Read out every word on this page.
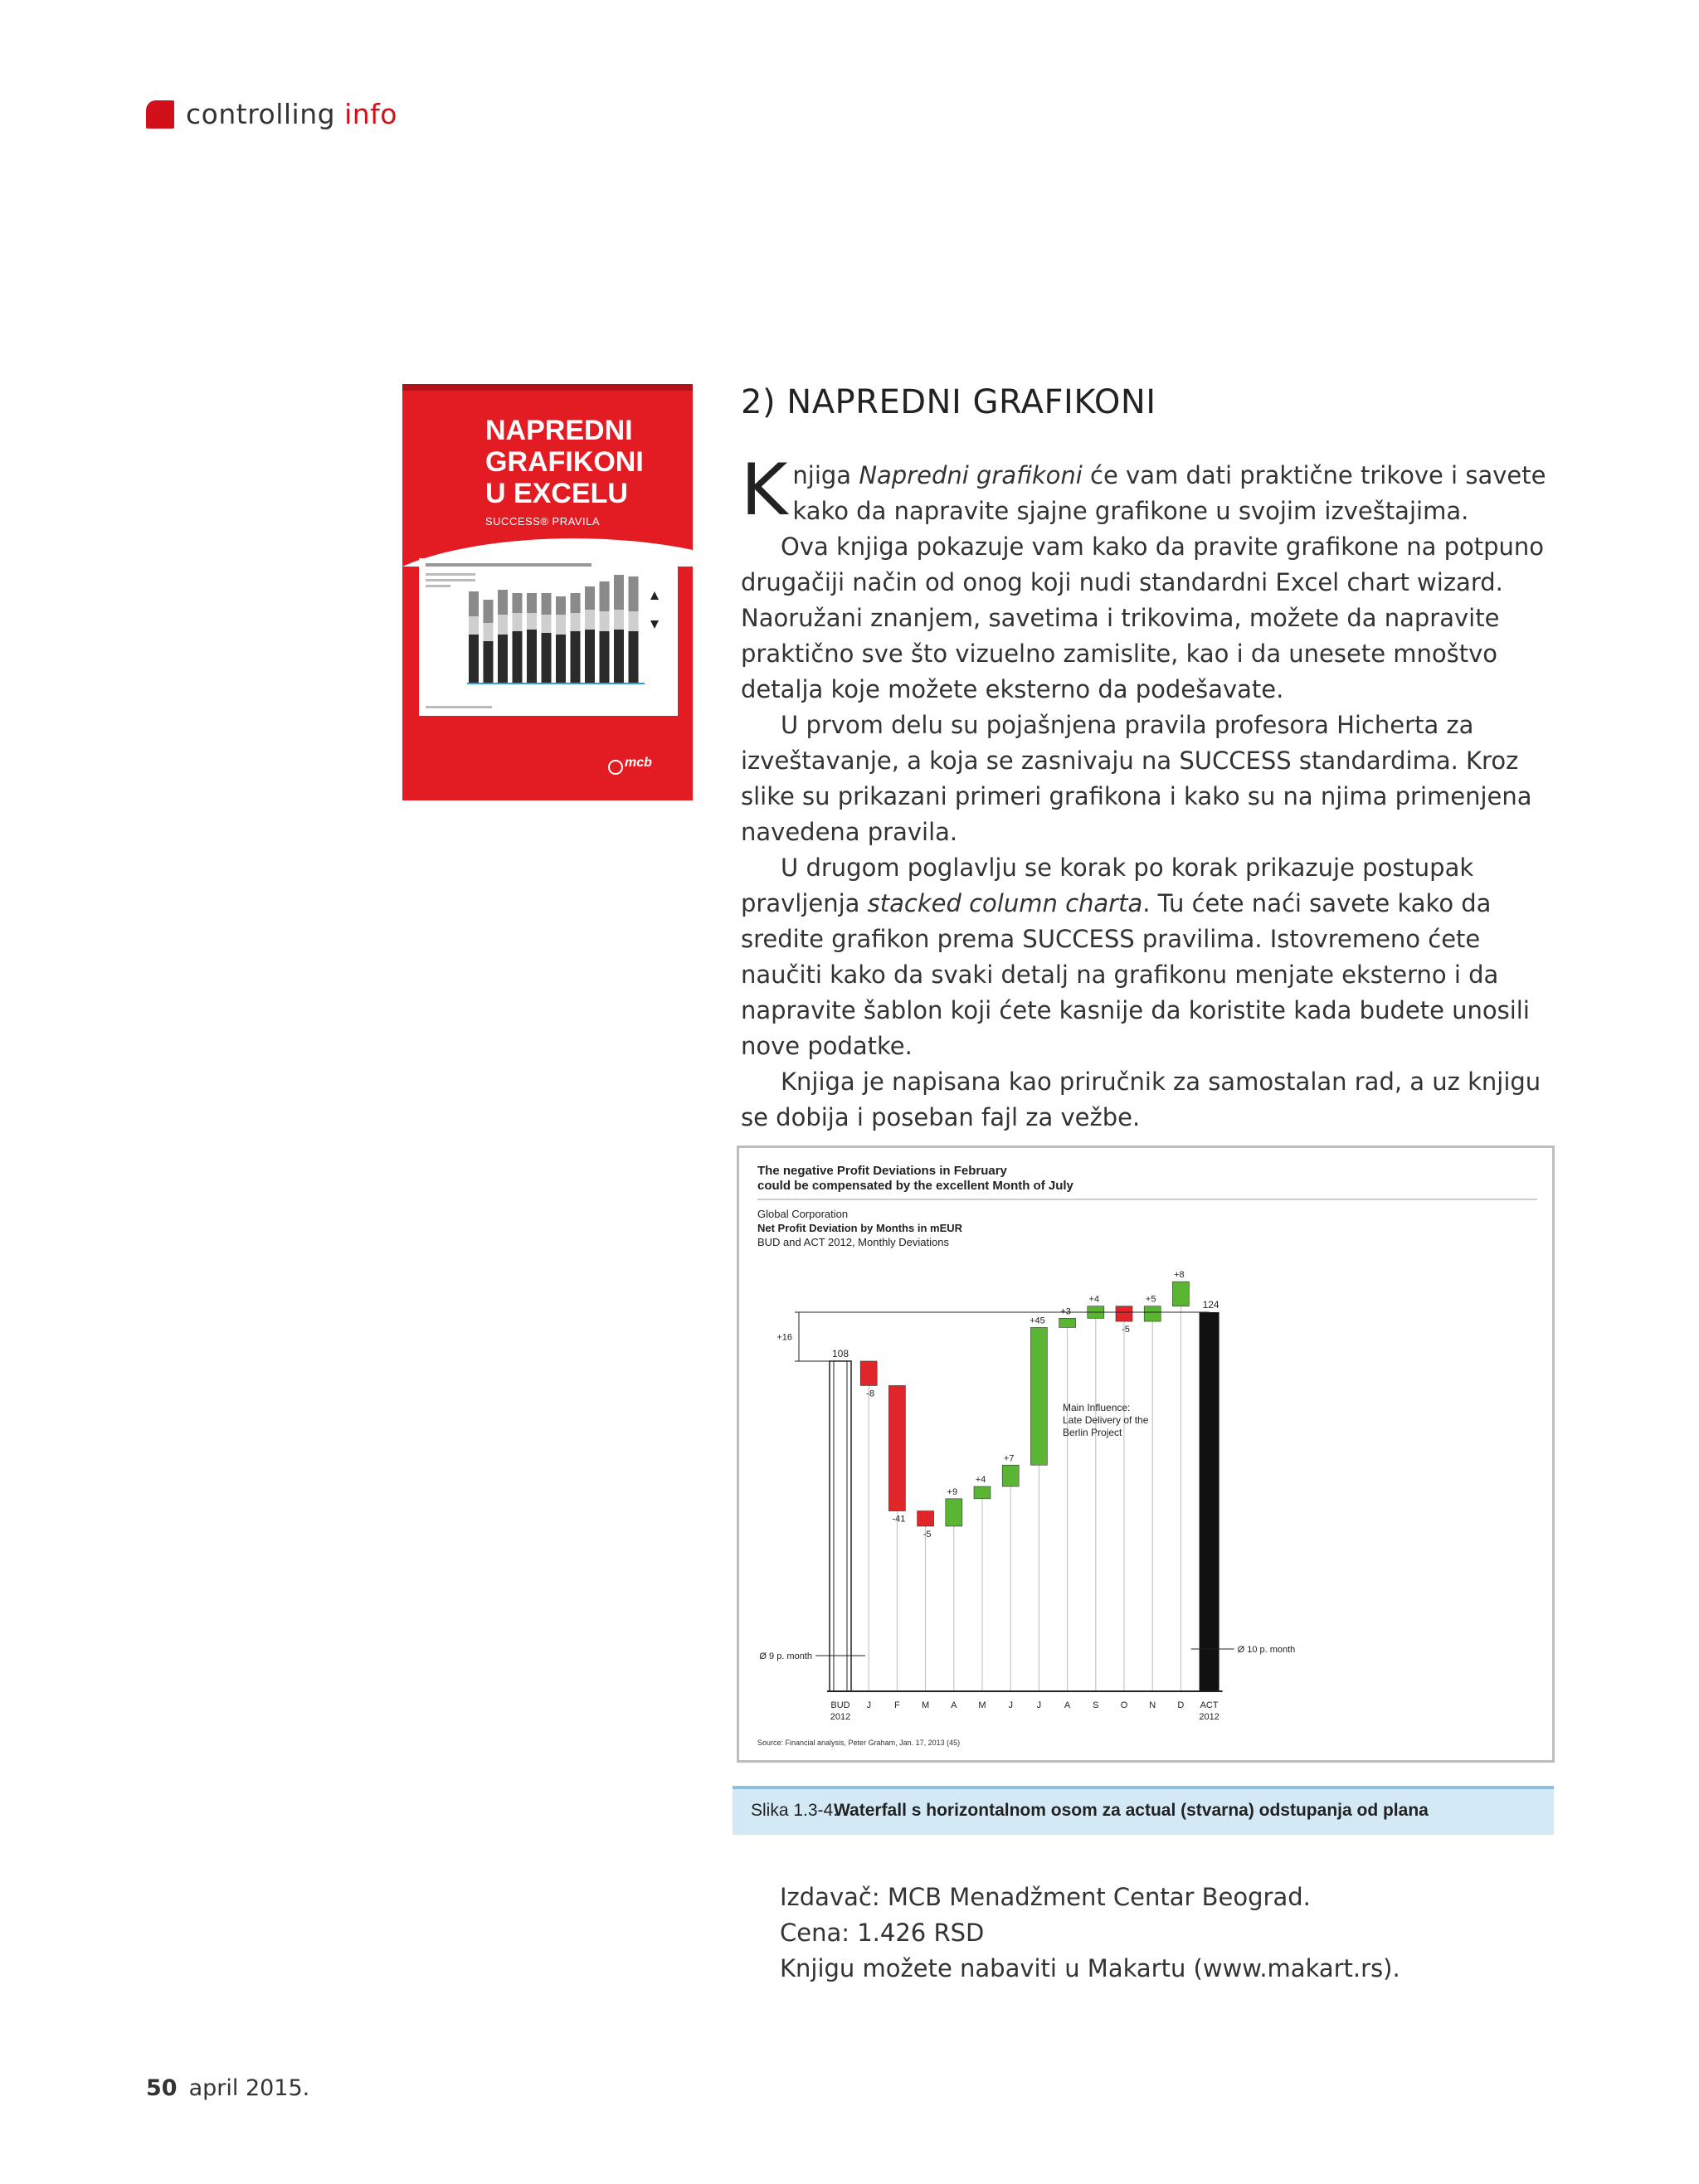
controlling info
NAPREDNI
GRAFIKONI
U EXCELU
SUCCESS® PRAVILA
mcb
2) NAPREDNI GRAFIKONI

Knjiga Napredni grafikoni će vam dati praktične trikove i savete kako da napravite sjajne grafikone u svojim izveštajima.

Ova knjiga pokazuje vam kako da pravite grafikone na potpuno drugačiji način od onog koji nudi standardni Excel chart wizard. Naoružani znanjem, savetima i trikovima, možete da napravite praktično sve što vizuelno zamislite, kao i da unesete mnoštvo detalja koje možete eksterno da podešavate.

U prvom delu su pojašnjena pravila profesora Hicherta za izveštavanje, a koja se zasnivaju na SUCCESS standardima. Kroz slike su prikazani primeri grafikona i kako su na njima primenjena navedena pravila.

U drugom poglavlju se korak po korak prikazuje postupak pravljenja stacked column charta. Tu ćete naći savete kako da sredite grafikon prema SUCCESS pravilima. Istovremeno ćete naučiti kako da svaki detalj na grafikonu menjate eksterno i da napravite šablon koji ćete kasnije da koristite kada budete unosili nove podatke.

Knjiga je napisana kao priručnik za samostalan rad, a uz knjigu se dobija i poseban fajl za vežbe.

The negative Profit Deviations in February
could be compensated by the excellent Month of July
Global Corporation
Net Profit Deviation by Months in mEUR
BUD and ACT 2012, Monthly Deviations
108
-8
J
-41
F
-5
M
+9
A
+4
M
+7
J
+45
J
+3
A
+4
S
-5
O
+5
N
+8
D
124
BUD
2012
ACT
2012
+16
Ø 9 p. month
Ø 10 p. month
Main Influence:
Late Delivery of the
Berlin Project
Source: Financial analysis, Peter Graham, Jan. 17, 2013 (45)
Slika 1.3-4:
Waterfall s horizontalnom osom za actual (stvarna) odstupanja od plana
Izdavač: MCB Menadžment Centar Beograd.
Cena: 1.426 RSD
Knjigu možete nabaviti u Makartu (www.makart.rs).
50 april 2015.
